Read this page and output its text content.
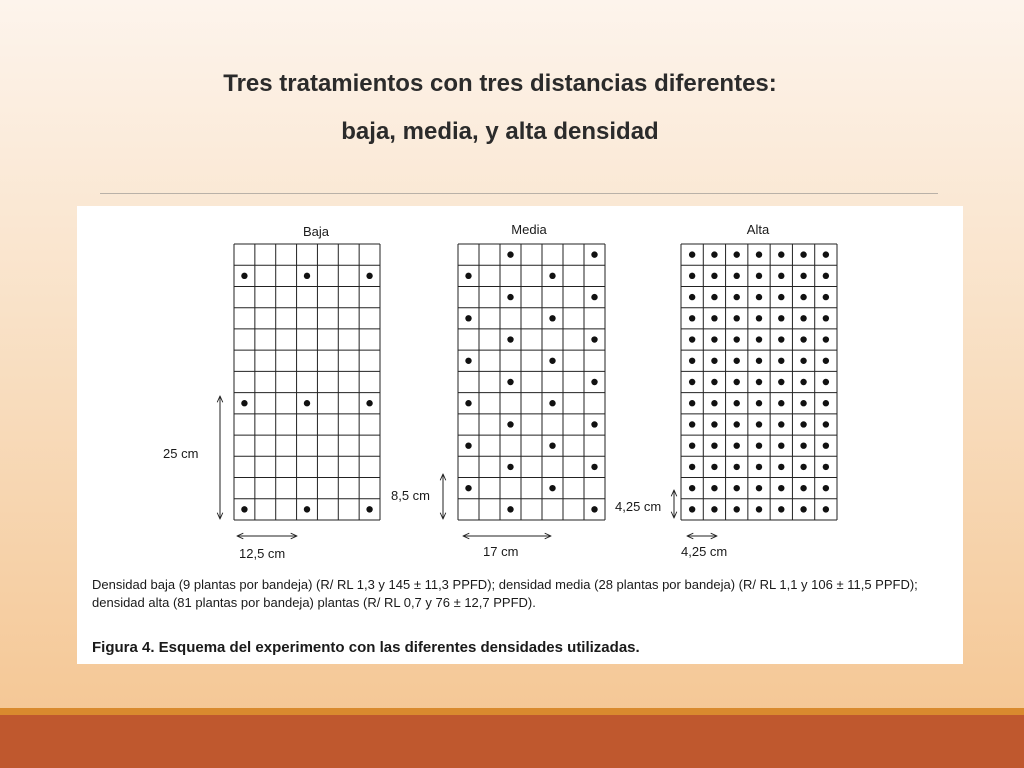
Tres tratamientos con tres distancias diferentes:
baja, media, y alta densidad
Baja	Media	Alta
25 cm
12,5 cm
8,5 cm
17 cm
4,25 cm
4,25 cm
Densidad baja (9 plantas por bandeja) (R/ RL 1,3 y 145 ± 11,3 PPFD); densidad media (28 plantas por bandeja) (R/ RL 1,1 y 106 ± 11,5 PPFD); densidad alta (81 plantas por bandeja) plantas (R/ RL 0,7 y 76 ± 12,7 PPFD).
Figura 4. Esquema del experimento con las diferentes densidades utilizadas.
